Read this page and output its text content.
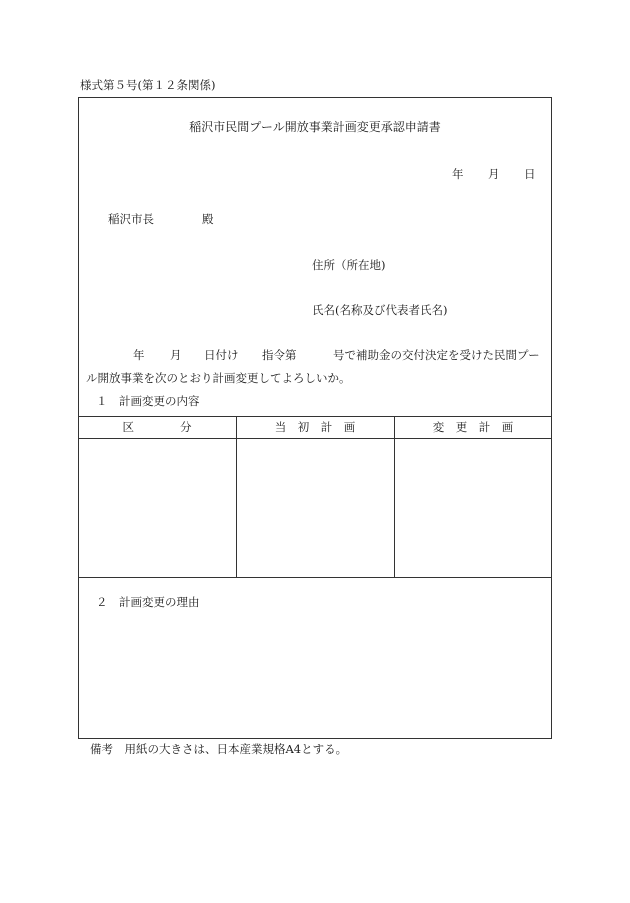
様式第５号(第１２条関係)
稲沢市民間プール開放事業計画変更承認申請書
年 月 日
稲沢市長	殿
住所（所在地)
氏名(名称及び代表者氏名)
年 月 日付け 指令第	号で補助金の交付決定を受けた民間プー
ル開放事業を次のとおり計画変更してよろしいか。
１　計画変更の内容
区　　　　分	当　初　計　画	変　更　計　画
２　計画変更の理由
備考　用紙の大きさは、日本産業規格A4とする。
